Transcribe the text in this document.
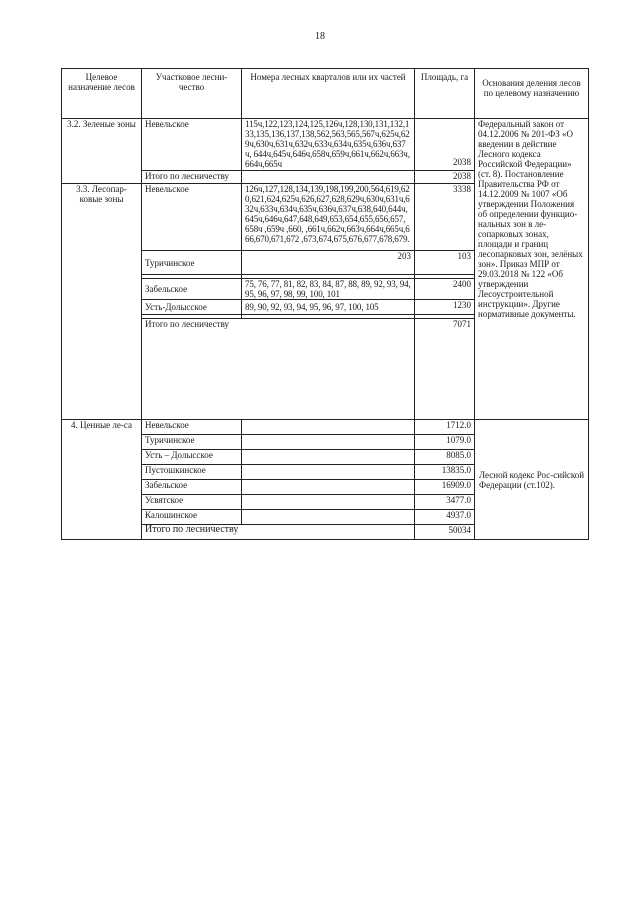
18
Целевое назначение лесов	Участковое лесни-чество	Номера лесных кварталов или их частей	Площадь, га	Основания деления лесов по целевому назначению
3.2. Зеленые зоны	Невельское	115ч,122,123,124,125,126ч,128,130,131,132,133,135,136,137,138,562,563,565,567ч,625ч,629ч,630ч,631ч,632ч,633ч,634ч,635ч,636ч,637ч, 644ч,645ч,646ч,658ч,659ч,661ч,662ч,663ч,664ч,665ч	2038	Федеральный закон от 04.12.2006 № 201-ФЗ «О введении в действие Лесного кодекса Российской Федерации» (ст. 8). Постановление Правительства РФ от 14.12.2009 № 1007 «Об утверждении Положения об определении функцио-нальных зон в ле-сопарковых зонах, площади и границ лесопарковых зон, зелёных зон». Приказ МПР от 29.03.2018 № 122 «Об утверждении Лесоустроительной инструкции». Другие нормативные документы.
	Итого по лесничеству		2038	
3.3. Лесопар-ковые зоны	Невельское	126ч,127,128,134,139,198,199,200,564,619,620,621,624,625ч,626,627,628,629ч,630ч,631ч,632ч,633ч,634ч,635ч,636ч,637ч,638,640,644ч,645ч,646ч,647,648,649,653,654,655,656,657, 658ч ,659ч ,660, ,661ч,662ч,663ч,664ч,665ч,666,670,671,672 ,673,674,675,676,677,678,679.	3338	
	Туричинское	203	103	

	Забельское	75, 76, 77, 81, 82, 83, 84, 87, 88, 89, 92, 93, 94, 95, 96, 97, 98, 99, 100, 101	2400	
	Усть-Долысское	89, 90, 92, 93, 94, 95, 96, 97, 100, 105	1230	

	Итого по лесничеству		7071	
4. Ценные ле-са	Невельское		1712.0	Лесной кодекс Рос-сийской Федерации (ст.102).
	Туричинское		1079.0	
	Усть – Долысское		8085.0	
	Пустошкинское		13835.0	
	Забельское		16909.0	
	Усвятское		3477.0	
	Калошинское		4937.0	
	Итого по лесничеству		50034	
